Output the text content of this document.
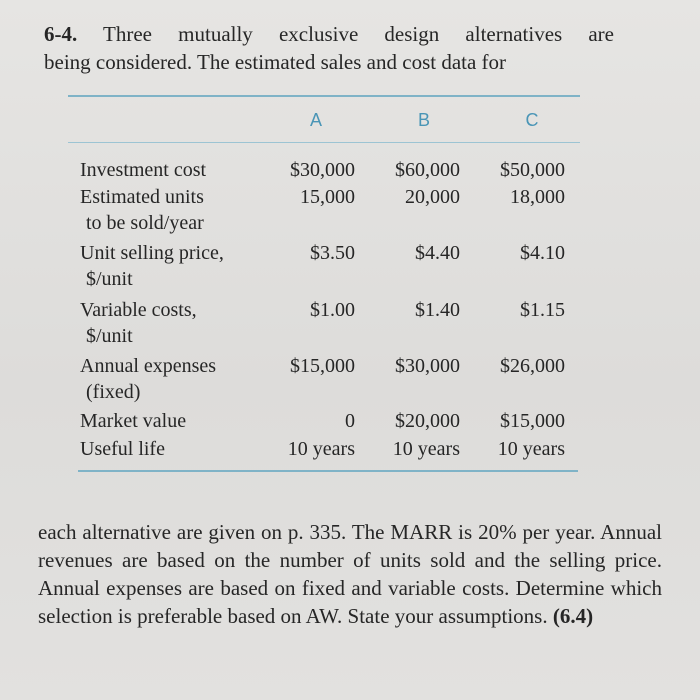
6-4. Three mutually exclusive design alternatives are
being considered. The estimated sales and cost data for
A	B	C
Investment cost	$30,000	$60,000	$50,000
Estimated units
to be sold/year
15,000	20,000	18,000
Unit selling price,
$/unit
$3.50	$4.40	$4.10
Variable costs,
$/unit
$1.00	$1.40	$1.15
Annual expenses
(fixed)
$15,000	$30,000	$26,000
Market value	0	$20,000	$15,000
Useful life	10 years	10 years	10 years
each alternative are given on p. 335. The MARR is 20% per year. Annual revenues are based on the number of units sold and the selling price. Annual expenses are based on fixed and variable costs. Determine which selection is preferable based on AW. State your assumptions. (6.4)
